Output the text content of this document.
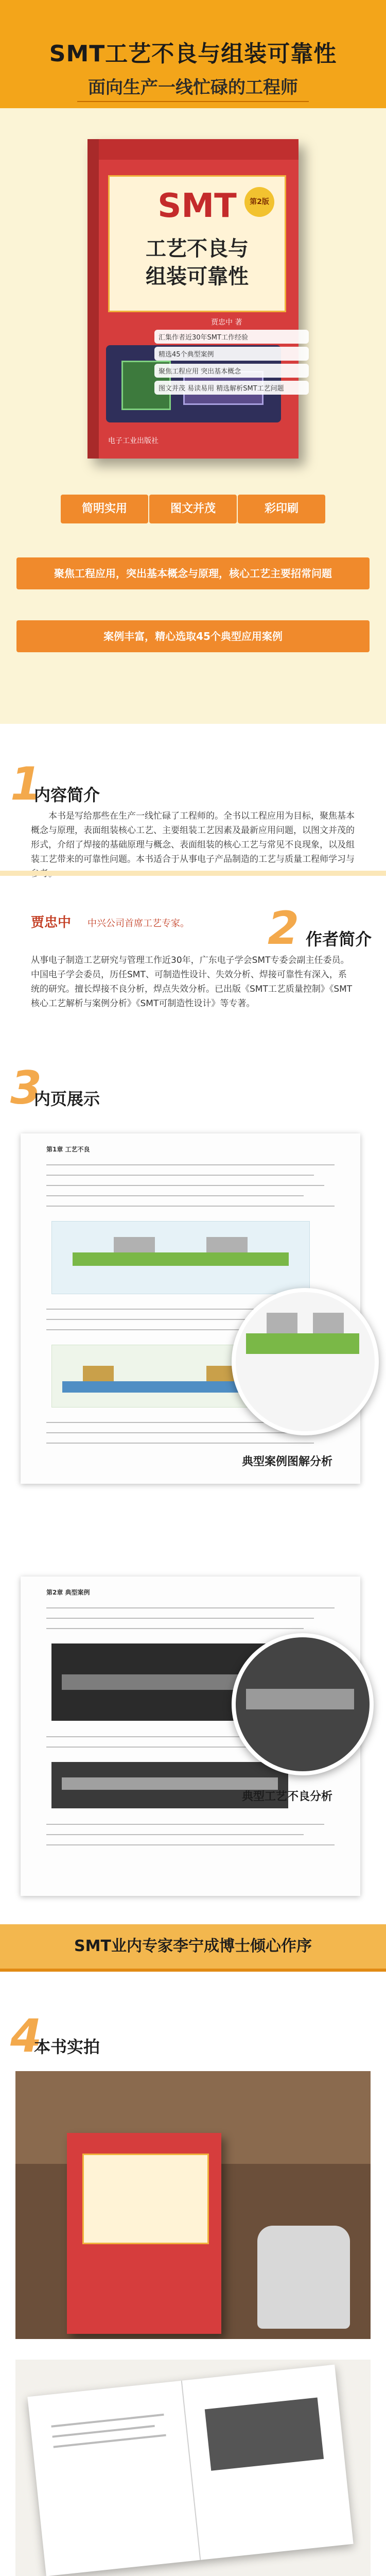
SMT工艺不良与组装可靠性
面向生产一线忙碌的工程师
SMT
工艺不良与
组装可靠性
第2版
贾忠中 著
电子工业出版社
汇集作者近30年SMT工作经验
精选45个典型案例
聚焦工程应用 突出基本概念
图文并茂 易读易用 精选解析SMT工艺问题
简明实用	图文并茂	彩印刷
聚焦工程应用，突出基本概念与原理，核心工艺主要招常问题
案例丰富，精心选取45个典型应用案例
1
内容简介
本书是写给那些在生产一线忙碌了工程师的。全书以工程应用为目标，聚焦基本概念与原理，表面组装核心工艺、主要组装工艺因素及最新应用问题，以图文并茂的形式，介绍了焊接的基础原理与概念、表面组装的核心工艺与常见不良现象，以及组装工艺带来的可靠性问题。本书适合于从事电子产品制造的工艺与质量工程师学习与
2 作者简介
贾忠中 中兴公司首席工艺专家。
从事电子制造工艺研究与管理工作近30年，广东电子学会SMT专委会副主任委员。中国电子学会委员，历任SMT、可制造性设计、失效分析、焊接可靠性有深入，系统的研究。擅长焊接不良分析，焊点失效分析。已出版《SMT工艺质量控制》《SMT核心工艺解析与案例分析》《SMT可制造性设计》等专著。
3
内页展示
第1章 工艺不良
典型案例图解分析
第2章 典型案例
典型工艺不良分析
SMT业内专家李宁成博士倾心作序
4
本书实拍
